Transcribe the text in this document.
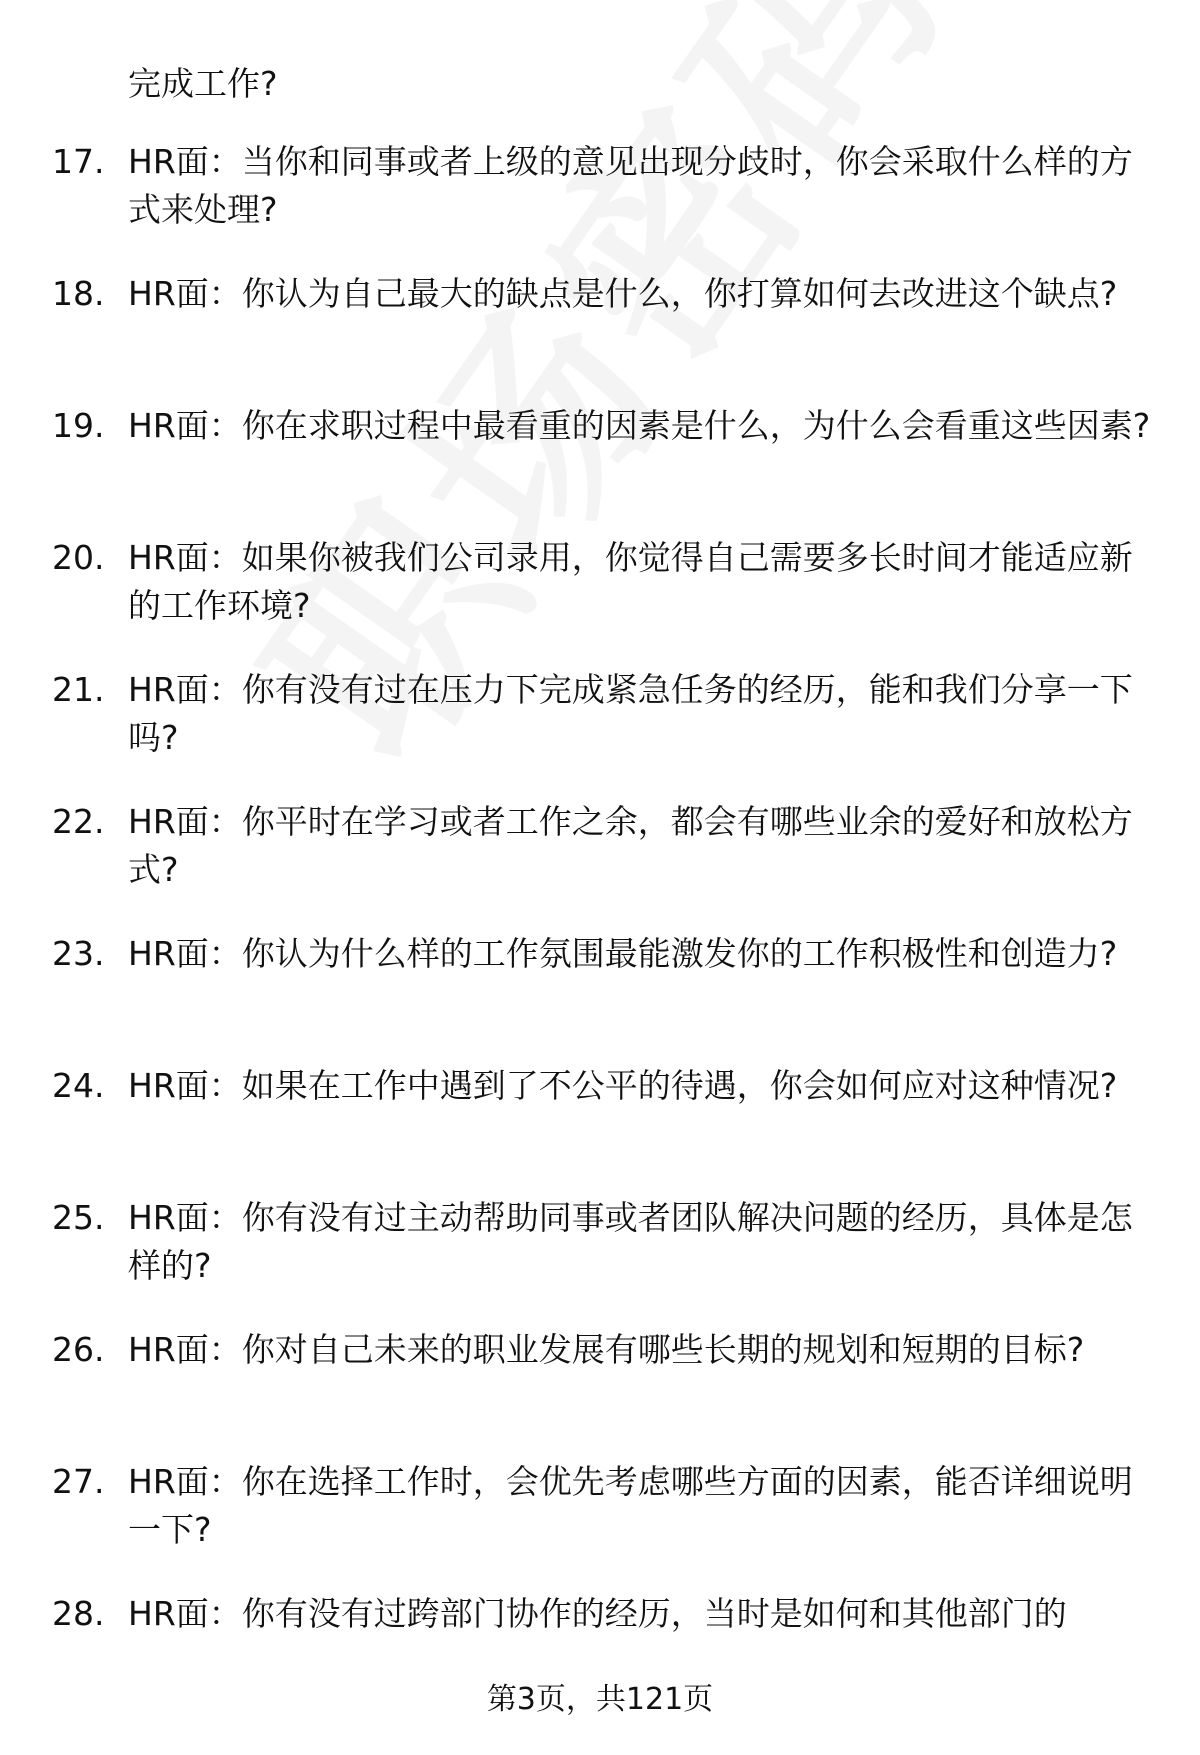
完成工作?
17. HR面：当你和同事或者上级的意见出现分歧时，你会采取什么样的方式来处理?
18. HR面：你认为自己最大的缺点是什么，你打算如何去改进这个缺点?
19. HR面：你在求职过程中最看重的因素是什么，为什么会看重这些因素?
20. HR面：如果你被我们公司录用，你觉得自己需要多长时间才能适应新的工作环境?
21. HR面：你有没有过在压力下完成紧急任务的经历，能和我们分享一下吗?
22. HR面：你平时在学习或者工作之余，都会有哪些业余的爱好和放松方式?
23. HR面：你认为什么样的工作氛围最能激发你的工作积极性和创造力?
24. HR面：如果在工作中遇到了不公平的待遇，你会如何应对这种情况?
25. HR面：你有没有过主动帮助同事或者团队解决问题的经历，具体是怎样的?
26. HR面：你对自己未来的职业发展有哪些长期的规划和短期的目标?
27. HR面：你在选择工作时，会优先考虑哪些方面的因素，能否详细说明一下?
28. HR面：你有没有过跨部门协作的经历，当时是如何和其他部门的
第3页，共121页
